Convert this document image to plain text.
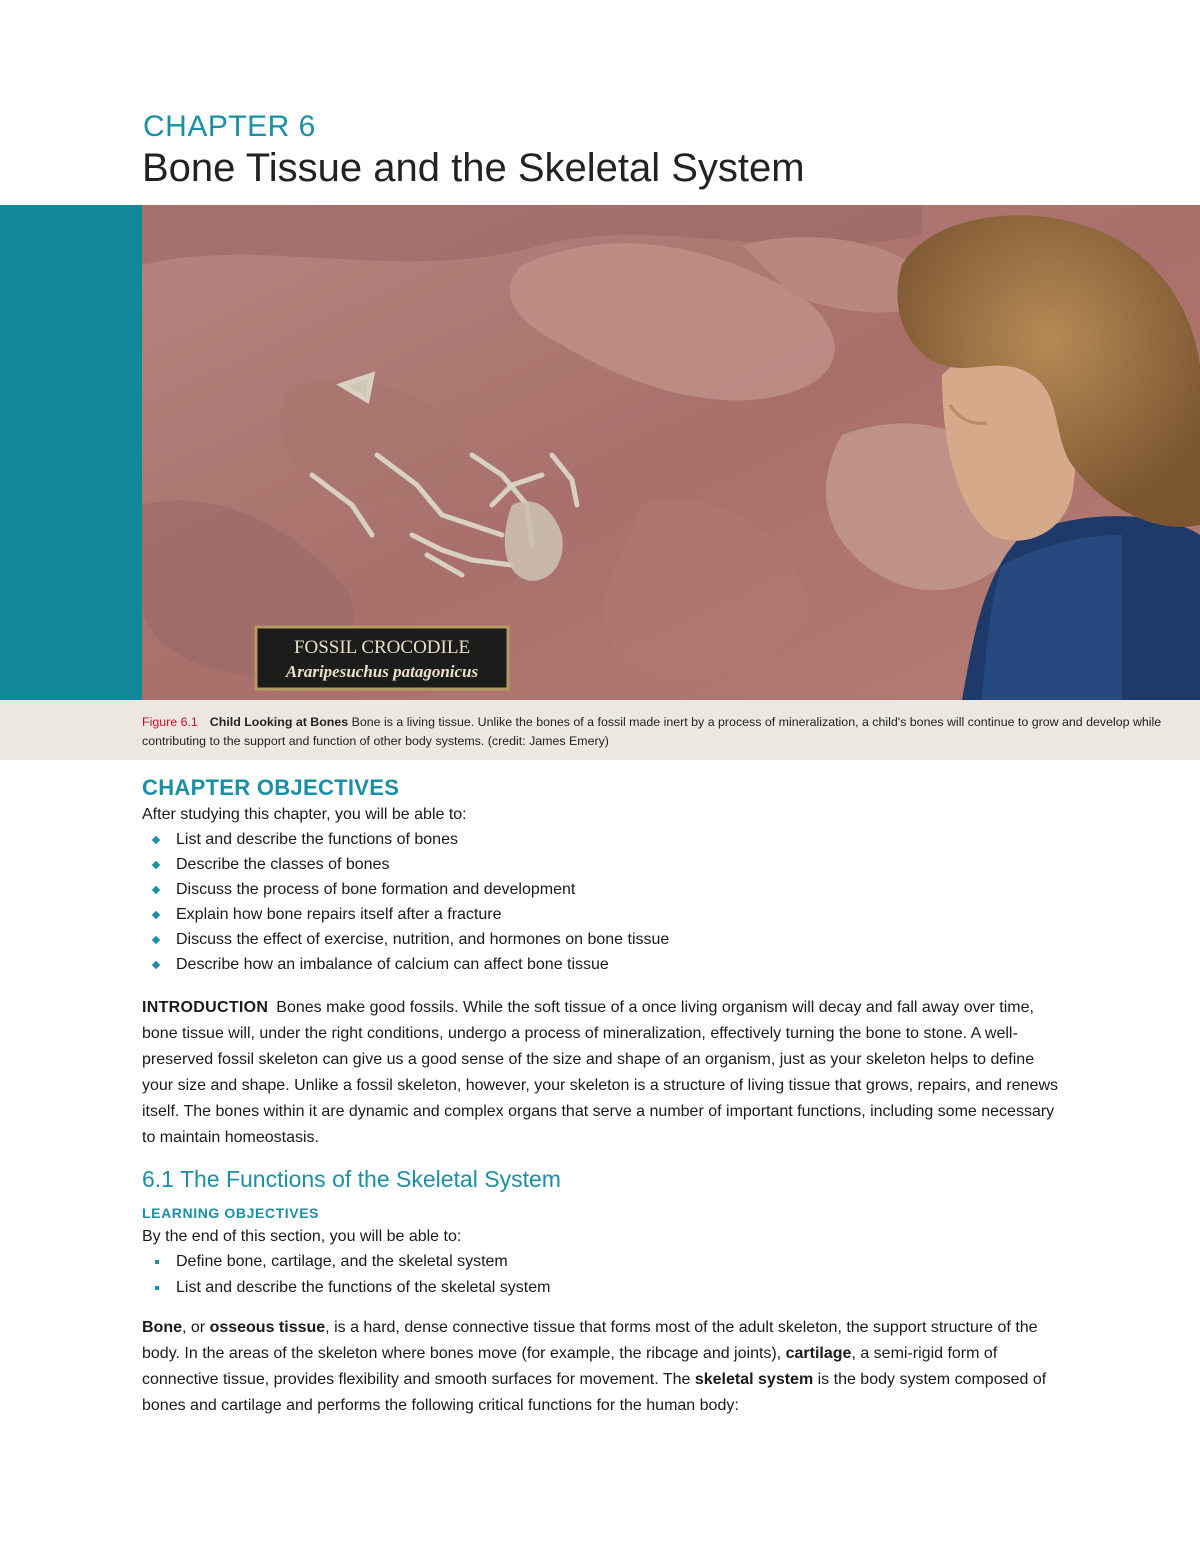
CHAPTER 6
Bone Tissue and the Skeletal System
FOSSIL CROCODILE
Araripesuchus patagonicus

Figure 6.1 Child Looking at Bones Bone is a living tissue. Unlike the bones of a fossil made inert by a process of mineralization, a child's bones will continue to grow and develop while contributing to the support and function of other body systems. (credit: James Emery)

CHAPTER OBJECTIVES

After studying this chapter, you will be able to:

List and describe the functions of bones
Describe the classes of bones
Discuss the process of bone formation and development
Explain how bone repairs itself after a fracture
Discuss the effect of exercise, nutrition, and hormones on bone tissue
Describe how an imbalance of calcium can affect bone tissue

INTRODUCTION Bones make good fossils. While the soft tissue of a once living organism will decay and fall away over time, bone tissue will, under the right conditions, undergo a process of mineralization, effectively turning the bone to stone. A well-preserved fossil skeleton can give us a good sense of the size and shape of an organism, just as your skeleton helps to define your size and shape. Unlike a fossil skeleton, however, your skeleton is a structure of living tissue that grows, repairs, and renews itself. The bones within it are dynamic and complex organs that serve a number of important functions, including some necessary to maintain homeostasis.

6.1 The Functions of the Skeletal System
LEARNING OBJECTIVES

By the end of this section, you will be able to:

Define bone, cartilage, and the skeletal system
List and describe the functions of the skeletal system

Bone, or osseous tissue, is a hard, dense connective tissue that forms most of the adult skeleton, the support structure of the body. In the areas of the skeleton where bones move (for example, the ribcage and joints), cartilage, a semi-rigid form of connective tissue, provides flexibility and smooth surfaces for movement. The skeletal system is the body system composed of bones and cartilage and performs the following critical functions for the human body:
